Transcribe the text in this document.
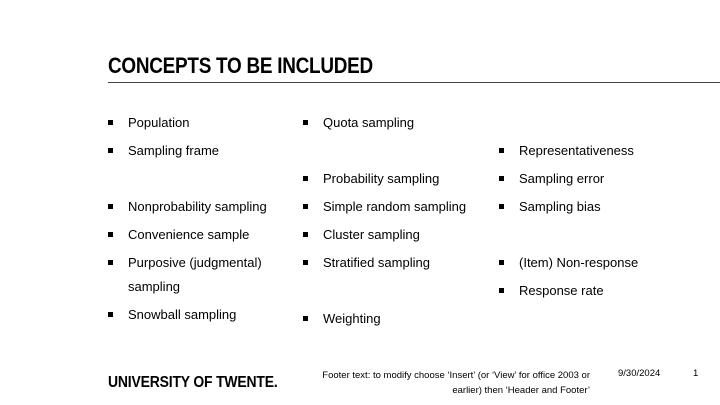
CONCEPTS TO BE INCLUDED
Population
Sampling frame
Nonprobability sampling
Convenience sample
Purposive (judgmental)
sampling
Snowball sampling
Quota sampling
Probability sampling
Simple random sampling
Cluster sampling
Stratified sampling
Weighting
Representativeness
Sampling error
Sampling bias
(Item) Non-response
Response rate
UNIVERSITY OF TWENTE.	Footer text: to modify choose ‘Insert’ (or ‘View’ for office 2003 or
earlier) then ‘Header and Footer’
9/30/2024	1
